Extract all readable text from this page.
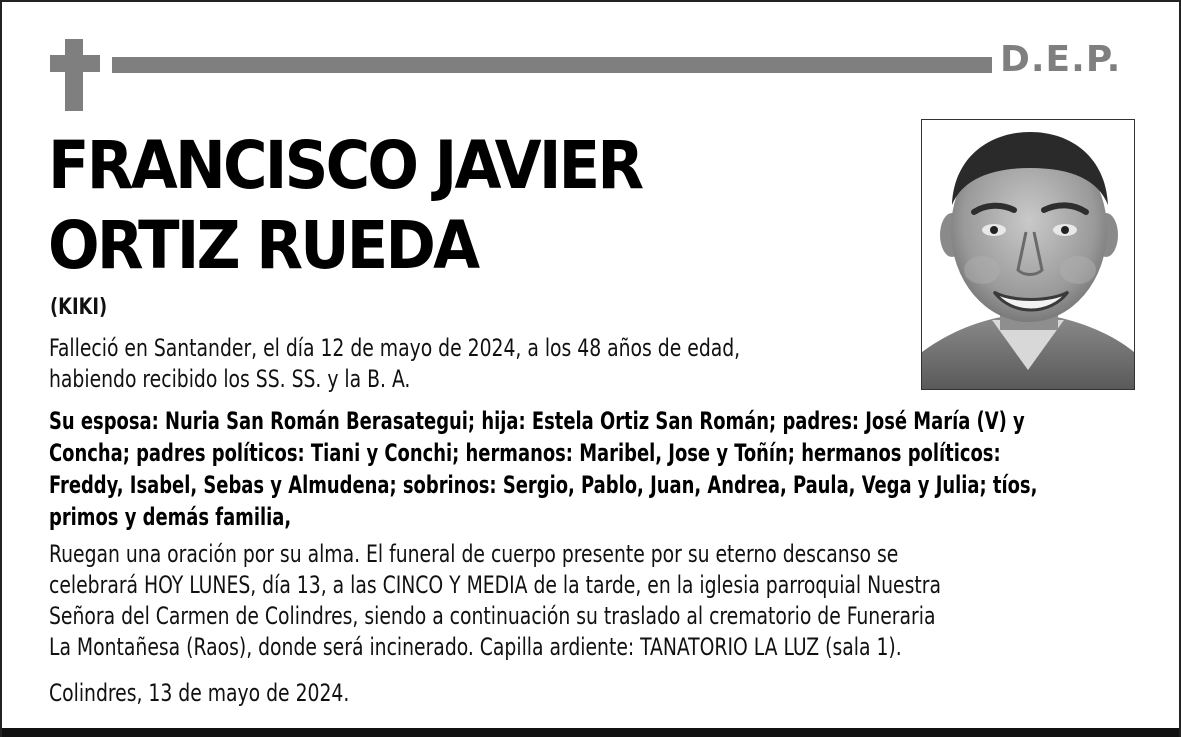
D.E.P.
FRANCISCO JAVIER
ORTIZ RUEDA
(KIKI)
Falleció en Santander, el día 12 de mayo de 2024, a los 48 años de edad,
habiendo recibido los SS. SS. y la B. A.
Su esposa: Nuria San Román Berasategui; hija: Estela Ortiz San Román; padres: José María (V) y
Concha; padres políticos: Tiani y Conchi; hermanos: Maribel, Jose y Toñín; hermanos políticos:
Freddy, Isabel, Sebas y Almudena; sobrinos: Sergio, Pablo, Juan, Andrea, Paula, Vega y Julia; tíos,
primos y demás familia,
Ruegan una oración por su alma. El funeral de cuerpo presente por su eterno descanso se
celebrará HOY LUNES, día 13, a las CINCO Y MEDIA de la tarde, en la iglesia parroquial Nuestra
Señora del Carmen de Colindres, siendo a continuación su traslado al crematorio de Funeraria
La Montañesa (Raos), donde será incinerado. Capilla ardiente: TANATORIO LA LUZ (sala 1).
Colindres, 13 de mayo de 2024.
